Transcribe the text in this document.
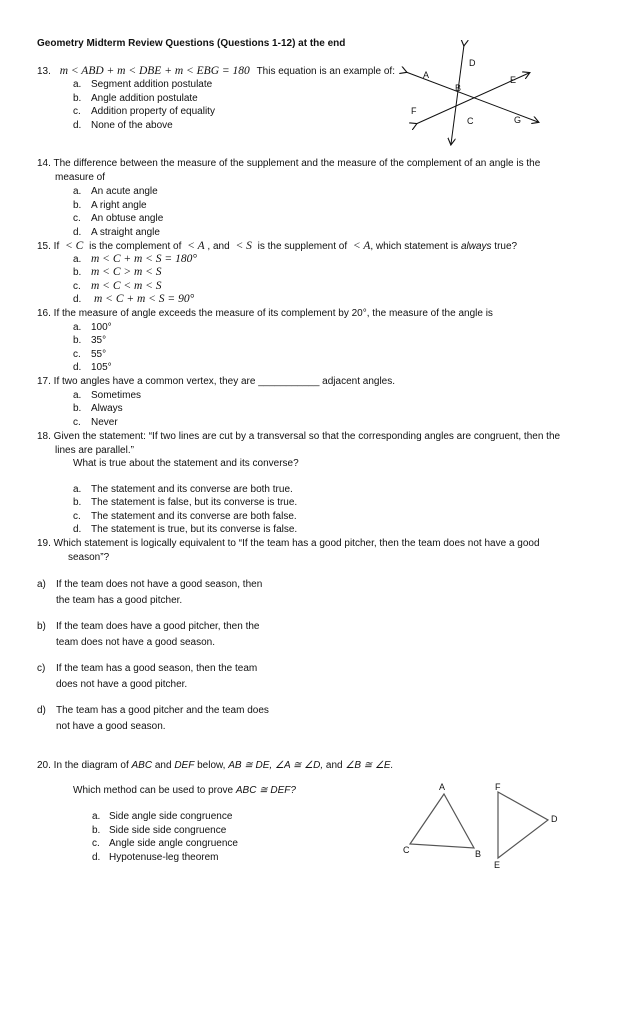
Geometry Midterm Review Questions (Questions 1-12) at the end
13. m < ABD + m < DBE + m < EBG = 180 This equation is an example of:
a. Segment addition postulate
b. Angle addition postulate
c. Addition property of equality
d. None of the above
A
B
D
E
F
C	G
14. The difference between the measure of the supplement and the measure of the complement of an angle is the
measure of
a. An acute angle
b. A right angle
c. An obtuse angle
d. A straight angle
15. If < C is the complement of < A , and < S is the supplement of < A, which statement is always true?
a. m < C + m < S = 180°
b. m < C > m < S
c. m < C < m < S
d. m < C + m < S = 90°
16. If the measure of angle exceeds the measure of its complement by 20°, the measure of the angle is
a. 100°
b. 35°
c. 55°
d. 105°
17. If two angles have a common vertex, they are ___________ adjacent angles.
a. Sometimes
b. Always
c. Never
18. Given the statement: “If two lines are cut by a transversal so that the corresponding angles are congruent, then the
lines are parallel.”
What is true about the statement and its converse?
a. The statement and its converse are both true.
b. The statement is false, but its converse is true.
c. The statement and its converse are both false.
d. The statement is true, but its converse is false.
19. Which statement is logically equivalent to “If the team has a good pitcher, then the team does not have a good
season”?
a) If the team does not have a good season, then
the team has a good pitcher.
b) If the team does have a good pitcher, then the
team does not have a good season.
c) If the team has a good season, then the team
does not have a good pitcher.
d) The team has a good pitcher and the team does
not have a good season.
20. In the diagram of ABC and DEF below, AB ≅ DE, ∠A ≅ ∠D, and ∠B ≅ ∠E.
Which method can be used to prove ABC ≅ DEF?
a. Side angle side congruence
b. Side side side congruence
c. Angle side angle congruence
d. Hypotenuse-leg theorem
A
C	B
F
D
E
